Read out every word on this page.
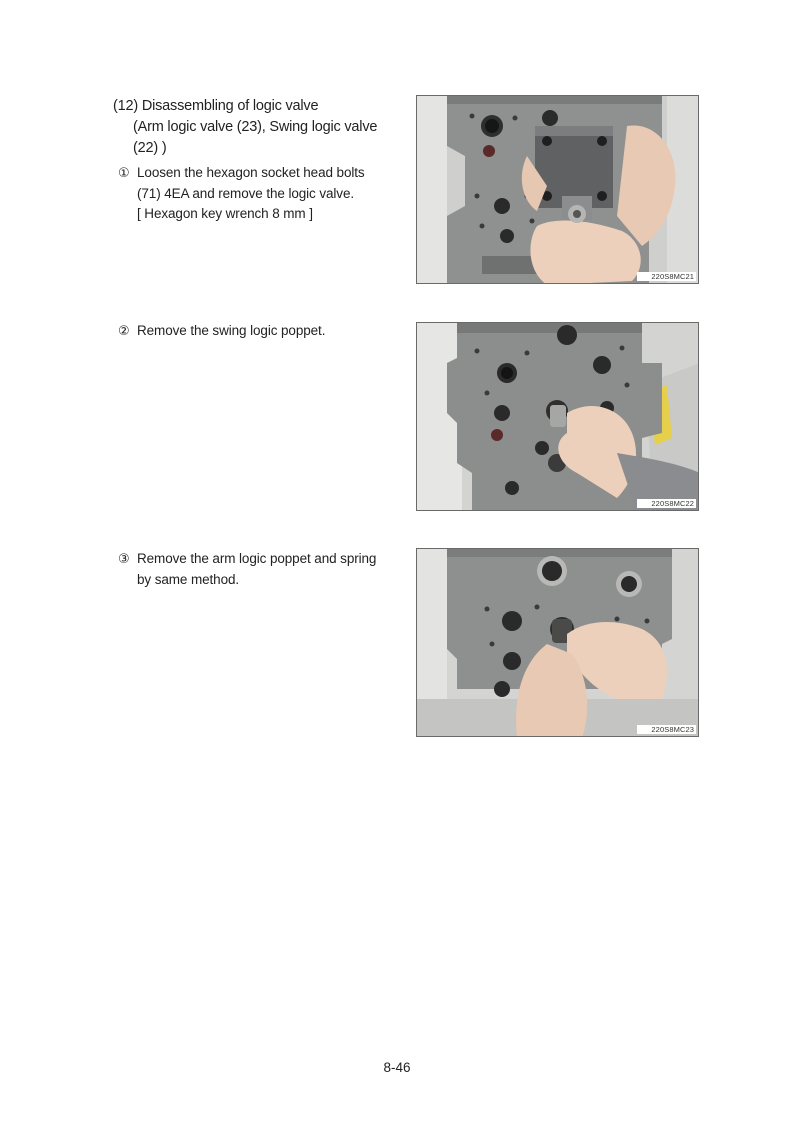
(12) Disassembling of logic valve
(Arm logic valve (23), Swing logic valve
(22) )
① Loosen the hexagon socket head bolts
(71) 4EA and remove the logic valve.
[ Hexagon key wrench 8 mm ]
② Remove the swing logic poppet.
③ Remove the arm logic poppet and spring
by same method.
220S8MC21
220S8MC22
220S8MC23
8-46
